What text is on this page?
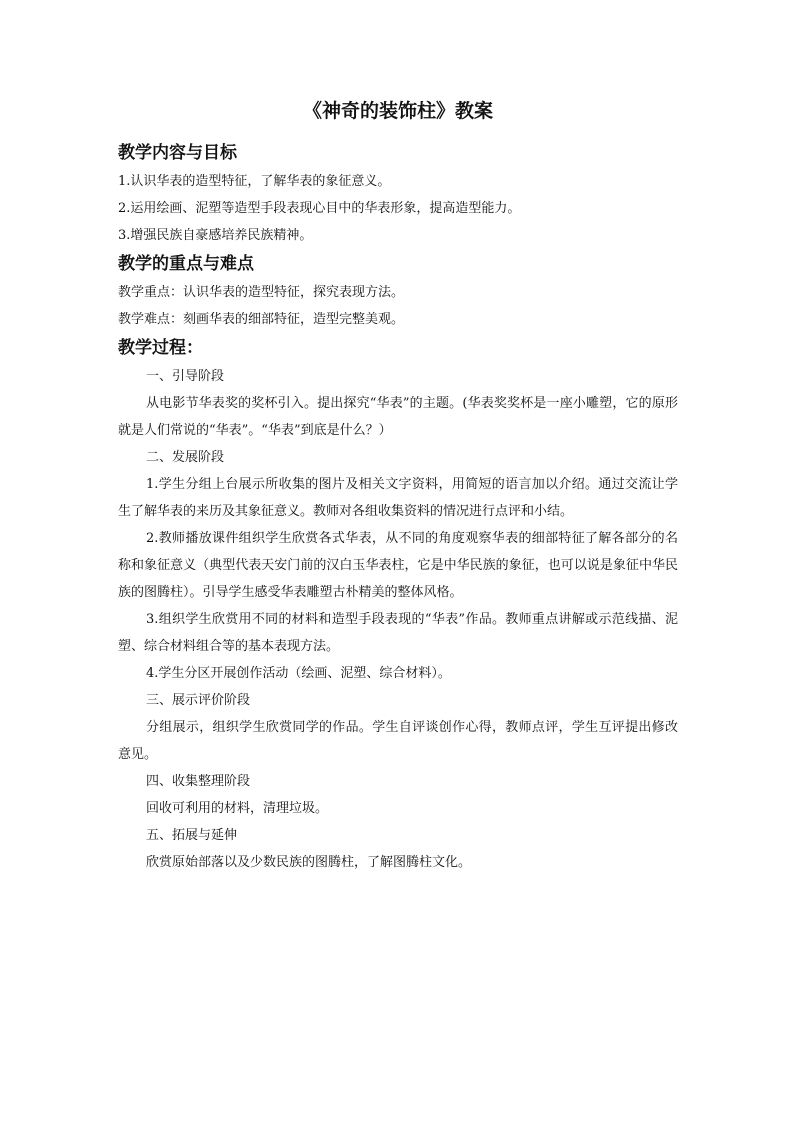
《神奇的装饰柱》教案
教学内容与目标
1.认识华表的造型特征，了解华表的象征意义。
2.运用绘画、泥塑等造型手段表现心目中的华表形象，提高造型能力。
3.增强民族自豪感培养民族精神。
教学的重点与难点
教学重点：认识华表的造型特征，探究表现方法。
教学难点：刻画华表的细部特征，造型完整美观。
教学过程：
一、引导阶段
从电影节华表奖的奖杯引入。提出探究“华表”的主题。(华表奖奖杯是一座小雕塑，它的原形就是人们常说的“华表”。“华表”到底是什么？）
二、发展阶段
1.学生分组上台展示所收集的图片及相关文字资料，用简短的语言加以介绍。通过交流让学生了解华表的来历及其象征意义。教师对各组收集资料的情况进行点评和小结。
2.教师播放课件组织学生欣赏各式华表，从不同的角度观察华表的细部特征了解各部分的名称和象征意义（典型代表天安门前的汉白玉华表柱，它是中华民族的象征，也可以说是象征中华民族的图腾柱）。引导学生感受华表雕塑古朴精美的整体风格。
3.组织学生欣赏用不同的材料和造型手段表现的“华表”作品。教师重点讲解或示范线描、泥塑、综合材料组合等的基本表现方法。
4.学生分区开展创作活动（绘画、泥塑、综合材料）。
三、展示评价阶段
分组展示，组织学生欣赏同学的作品。学生自评谈创作心得，教师点评，学生互评提出修改意见。
四、收集整理阶段
回收可利用的材料，清理垃圾。
五、拓展与延伸
欣赏原始部落以及少数民族的图腾柱，了解图腾柱文化。
